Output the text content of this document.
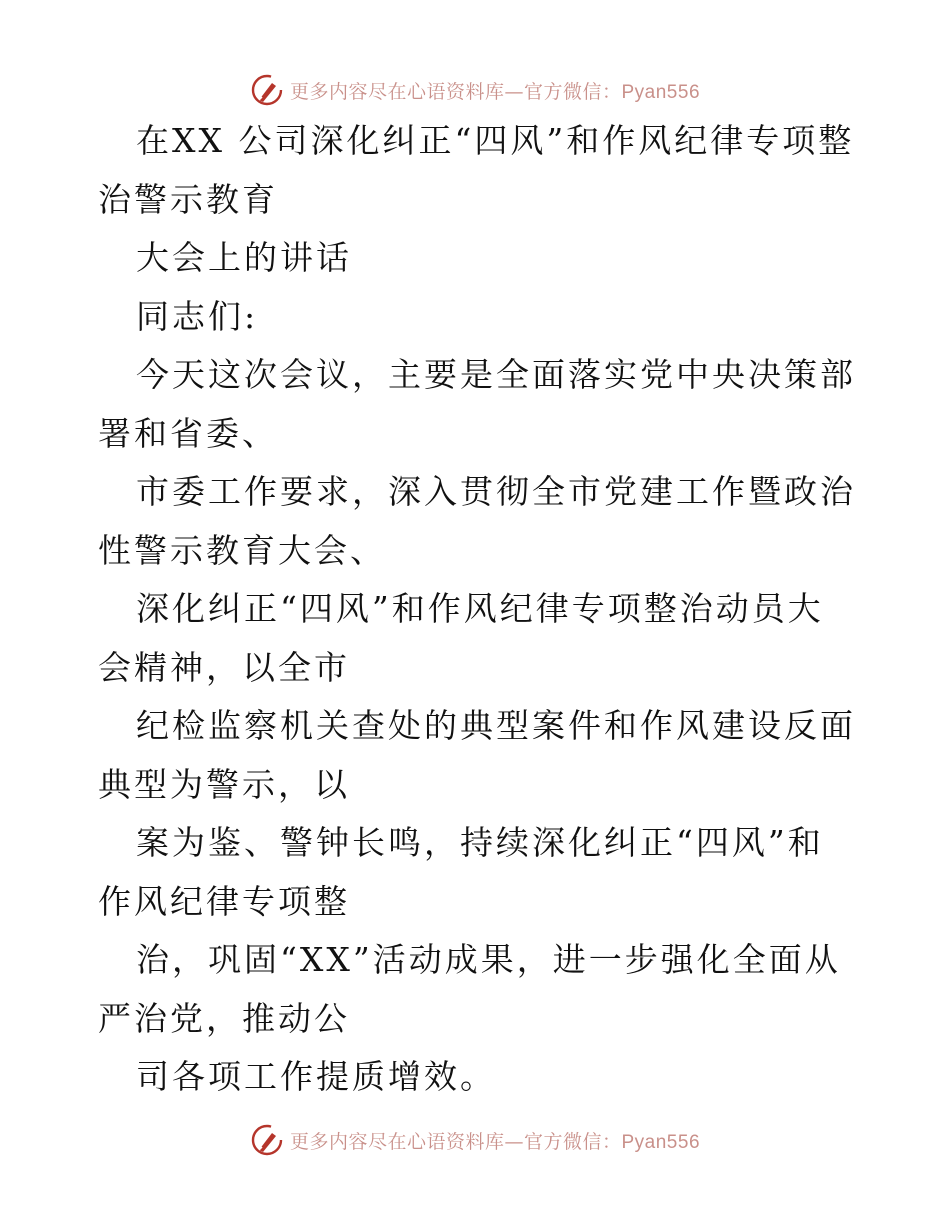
更多内容尽在心语资料库—官方微信：Pyan556

在XX 公司深化纠正“四风”和作风纪律专项整治警示教育

大会上的讲话

同志们:

今天这次会议，主要是全面落实党中央决策部署和省委、

市委工作要求，深入贯彻全市党建工作暨政治性警示教育大会、

深化纠正“四风”和作风纪律专项整治动员大会精神，以全市

纪检监察机关查处的典型案件和作风建设反面典型为警示，以

案为鉴、警钟长鸣，持续深化纠正“四风”和作风纪律专项整

治，巩固“XX”活动成果，进一步强化全面从严治党，推动公

司各项工作提质增效。

更多内容尽在心语资料库—官方微信：Pyan556
